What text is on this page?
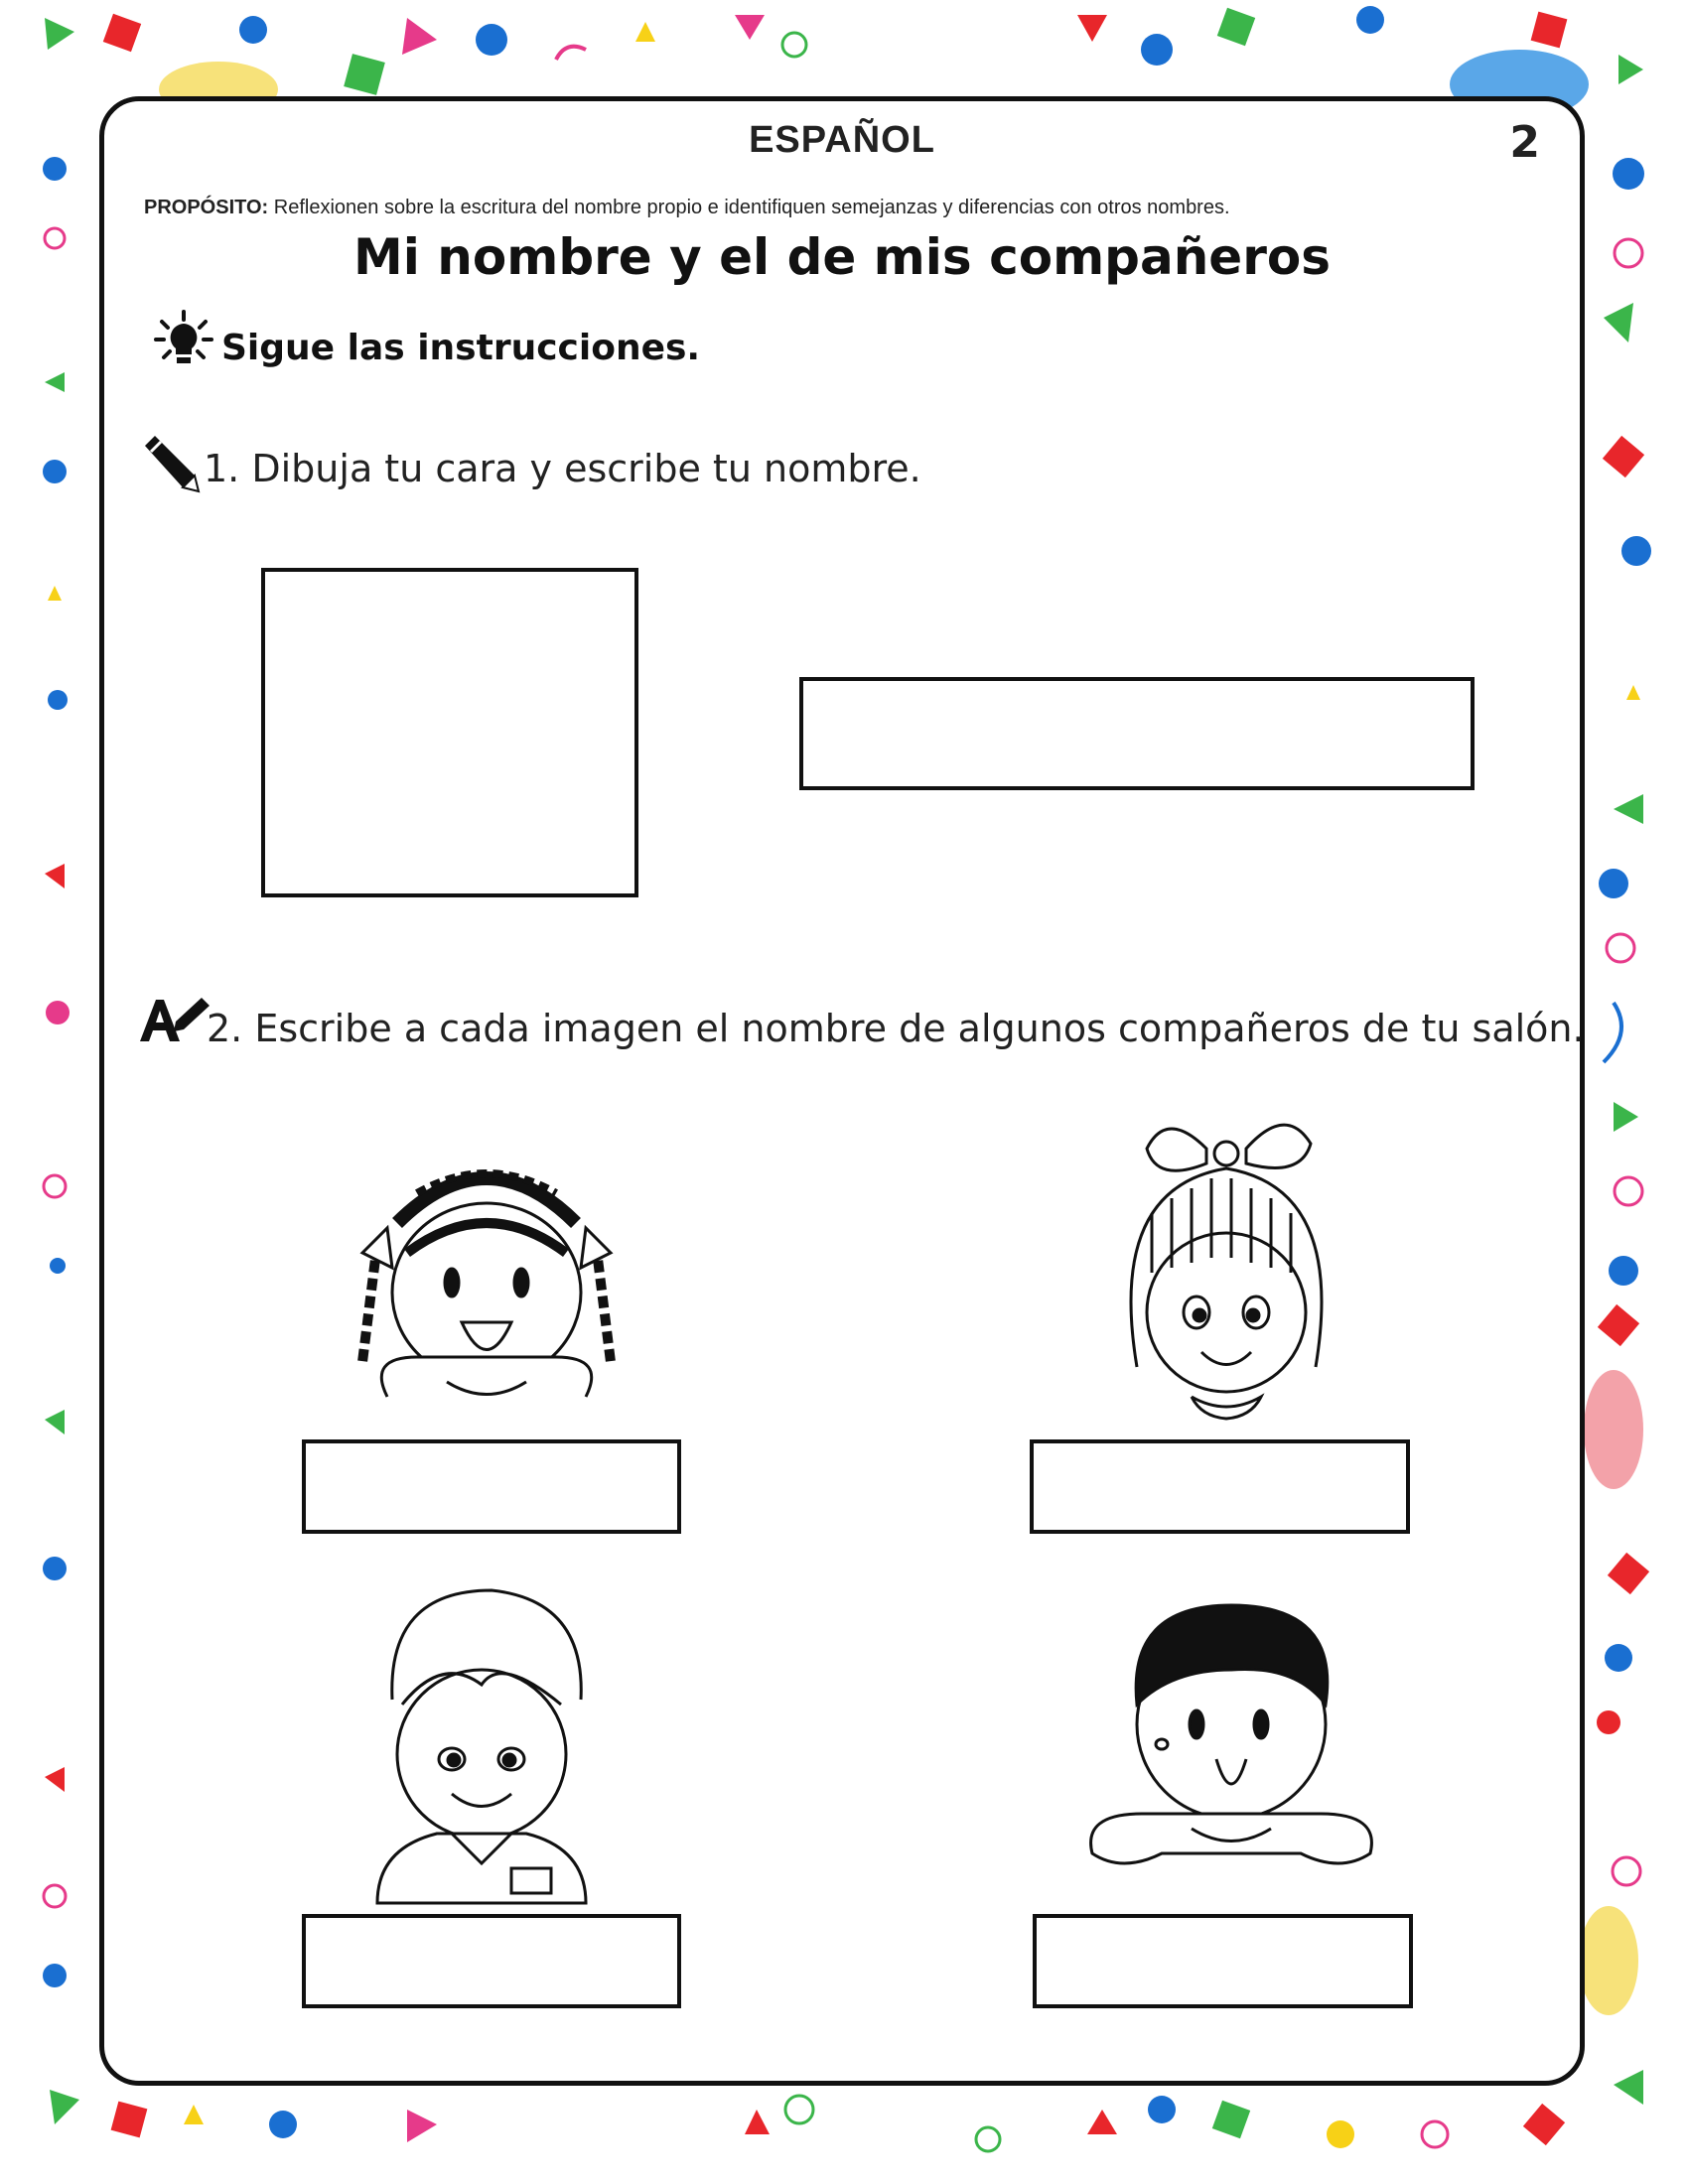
ESPAÑOL	2
PROPÓSITO: Reflexionen sobre la escritura del nombre propio e identifiquen semejanzas y diferencias con otros nombres.
Mi nombre y el de mis compañeros
Sigue las instrucciones.
1. Dibuja tu cara y escribe tu nombre.
2. Escribe a cada imagen el nombre de algunos compañeros de tu salón.
